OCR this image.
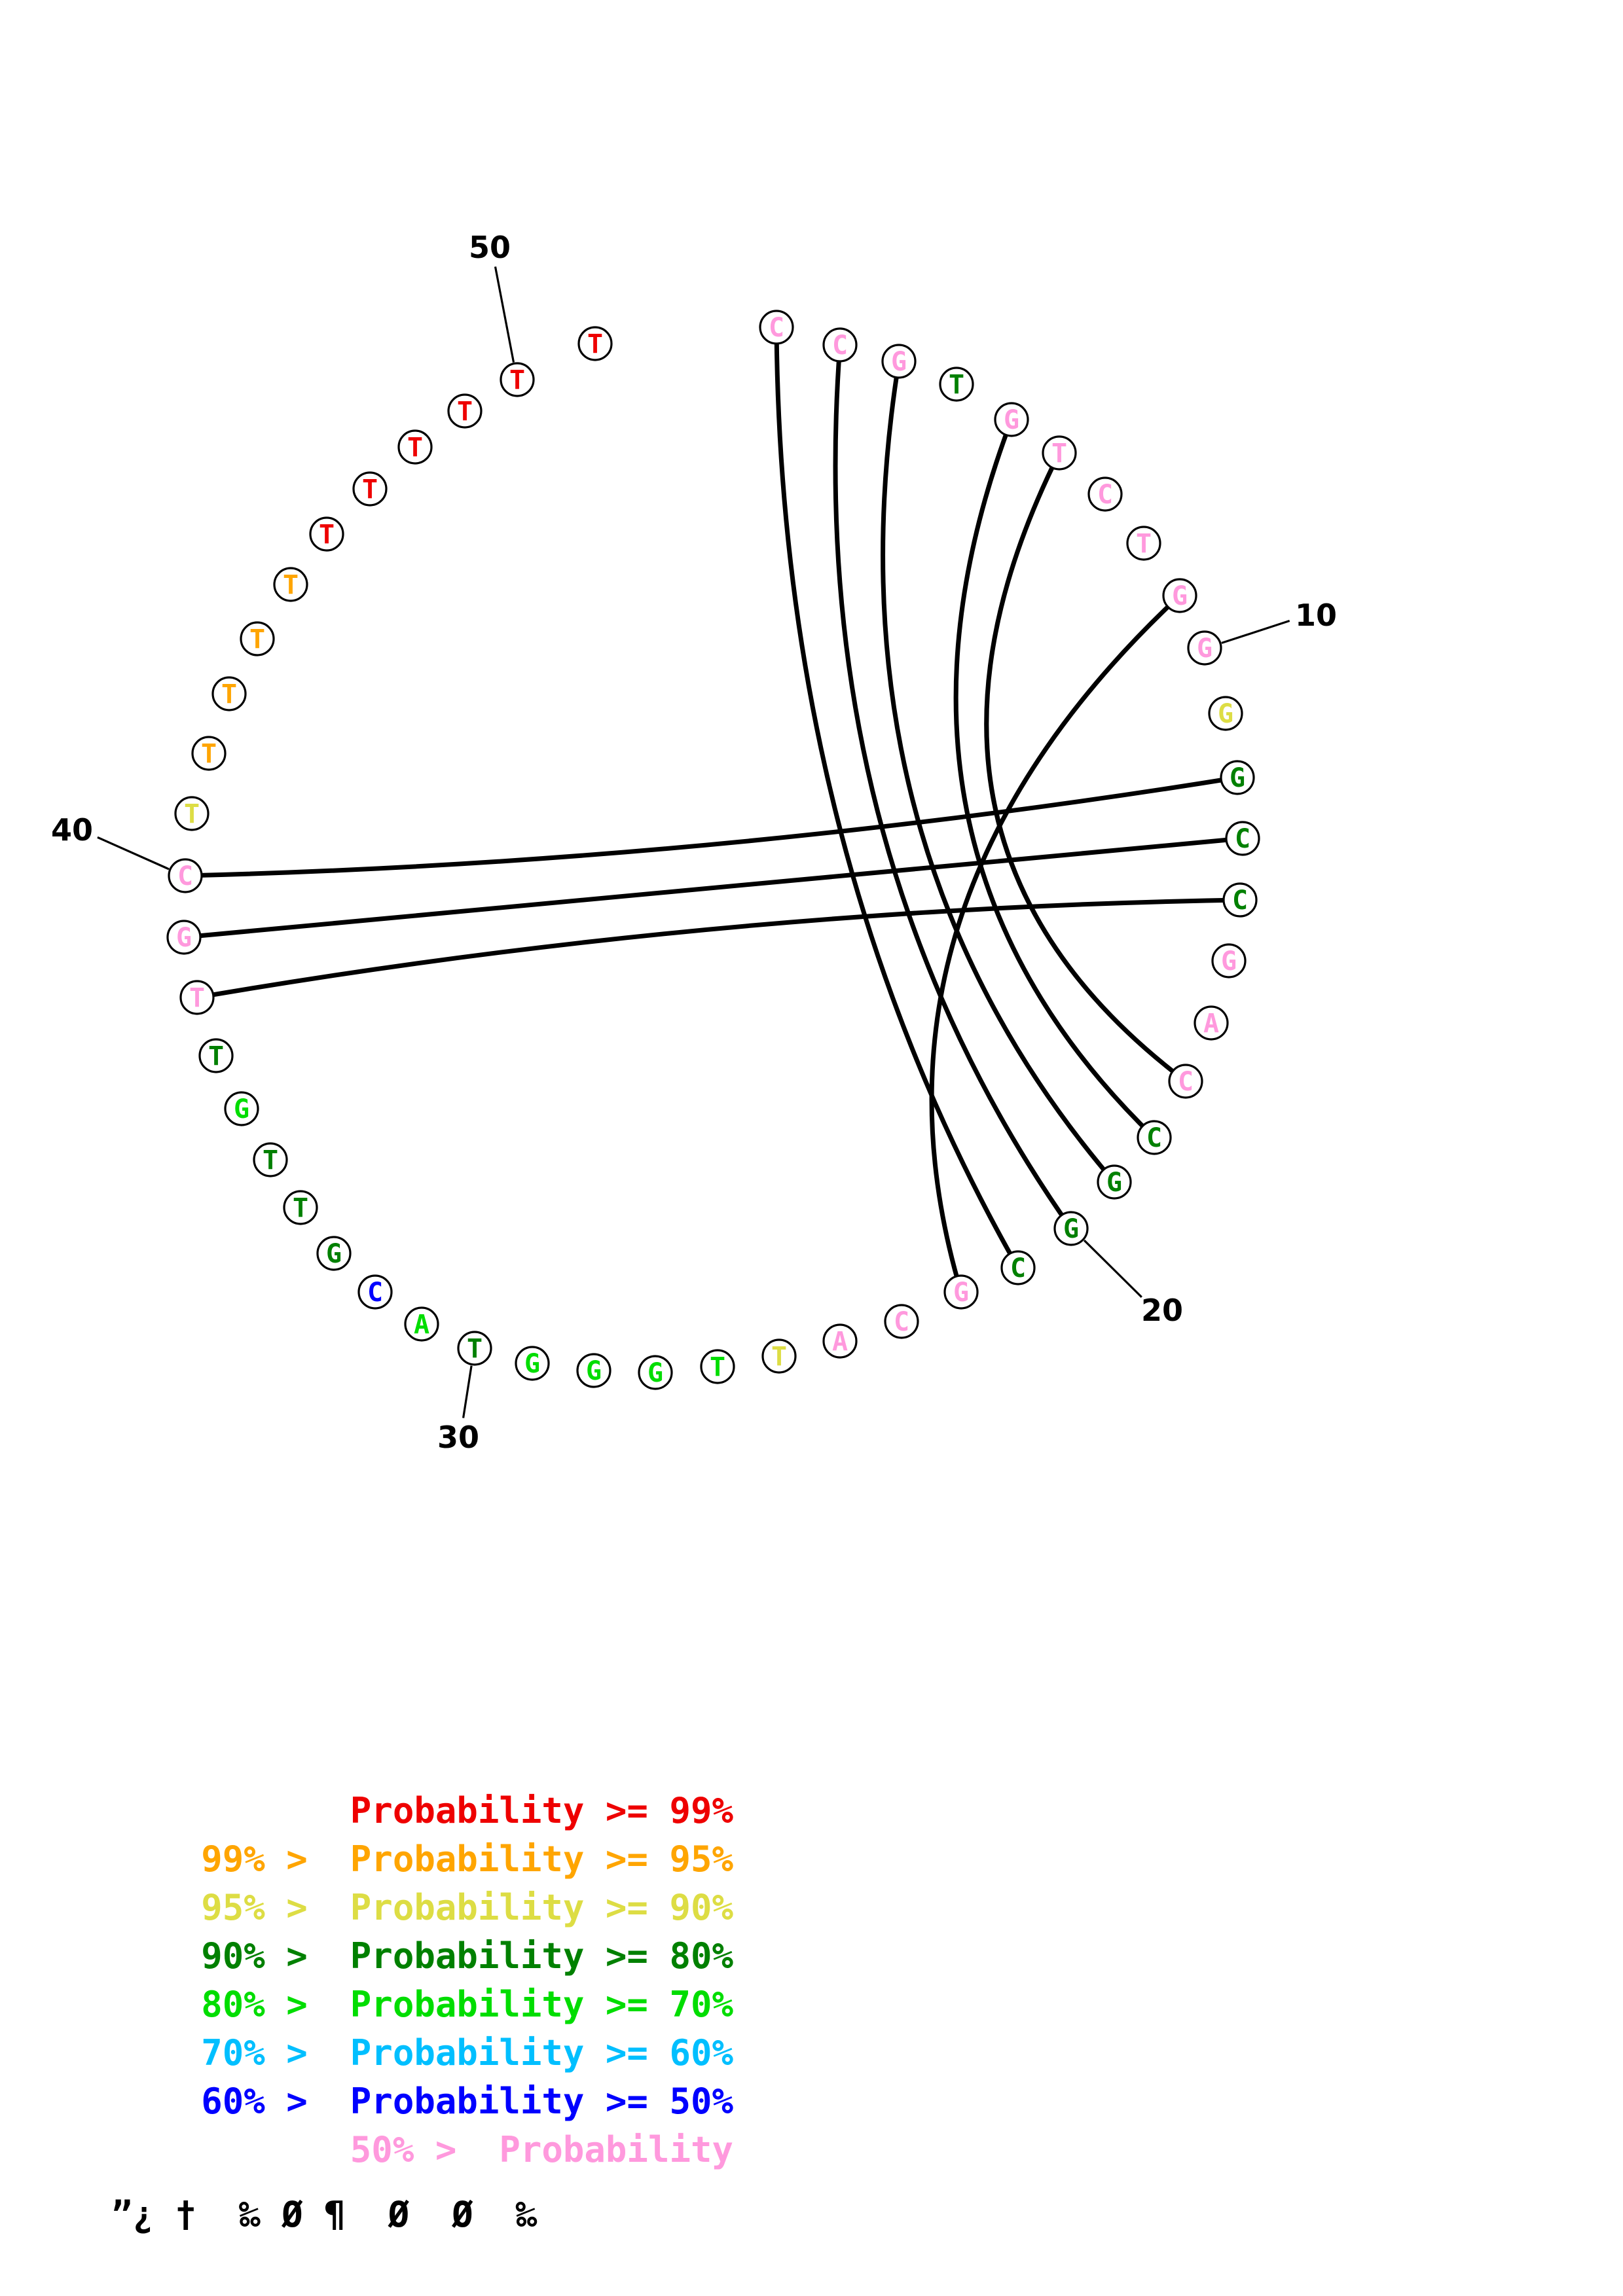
C
C
G
T
G
T
C
T
G
G
G
G
C
C
G
A
C
C
G
G
C
G
C
A
T
T
G
G
G
T
A
C
G
T
T
G
T
T
G
C
T
T
T
T
T
T
T
T
T
T
T
10
20
30
40
50
Probability >= 99%
99% >  Probability >= 95%
95% >  Probability >= 90%
90% >  Probability >= 80%
80% >  Probability >= 70%
70% >  Probability >= 60%
60% >  Probability >= 50%
50% >  Probability
”¿ †  ‰ Ø ¶  Ø  Ø  ‰
